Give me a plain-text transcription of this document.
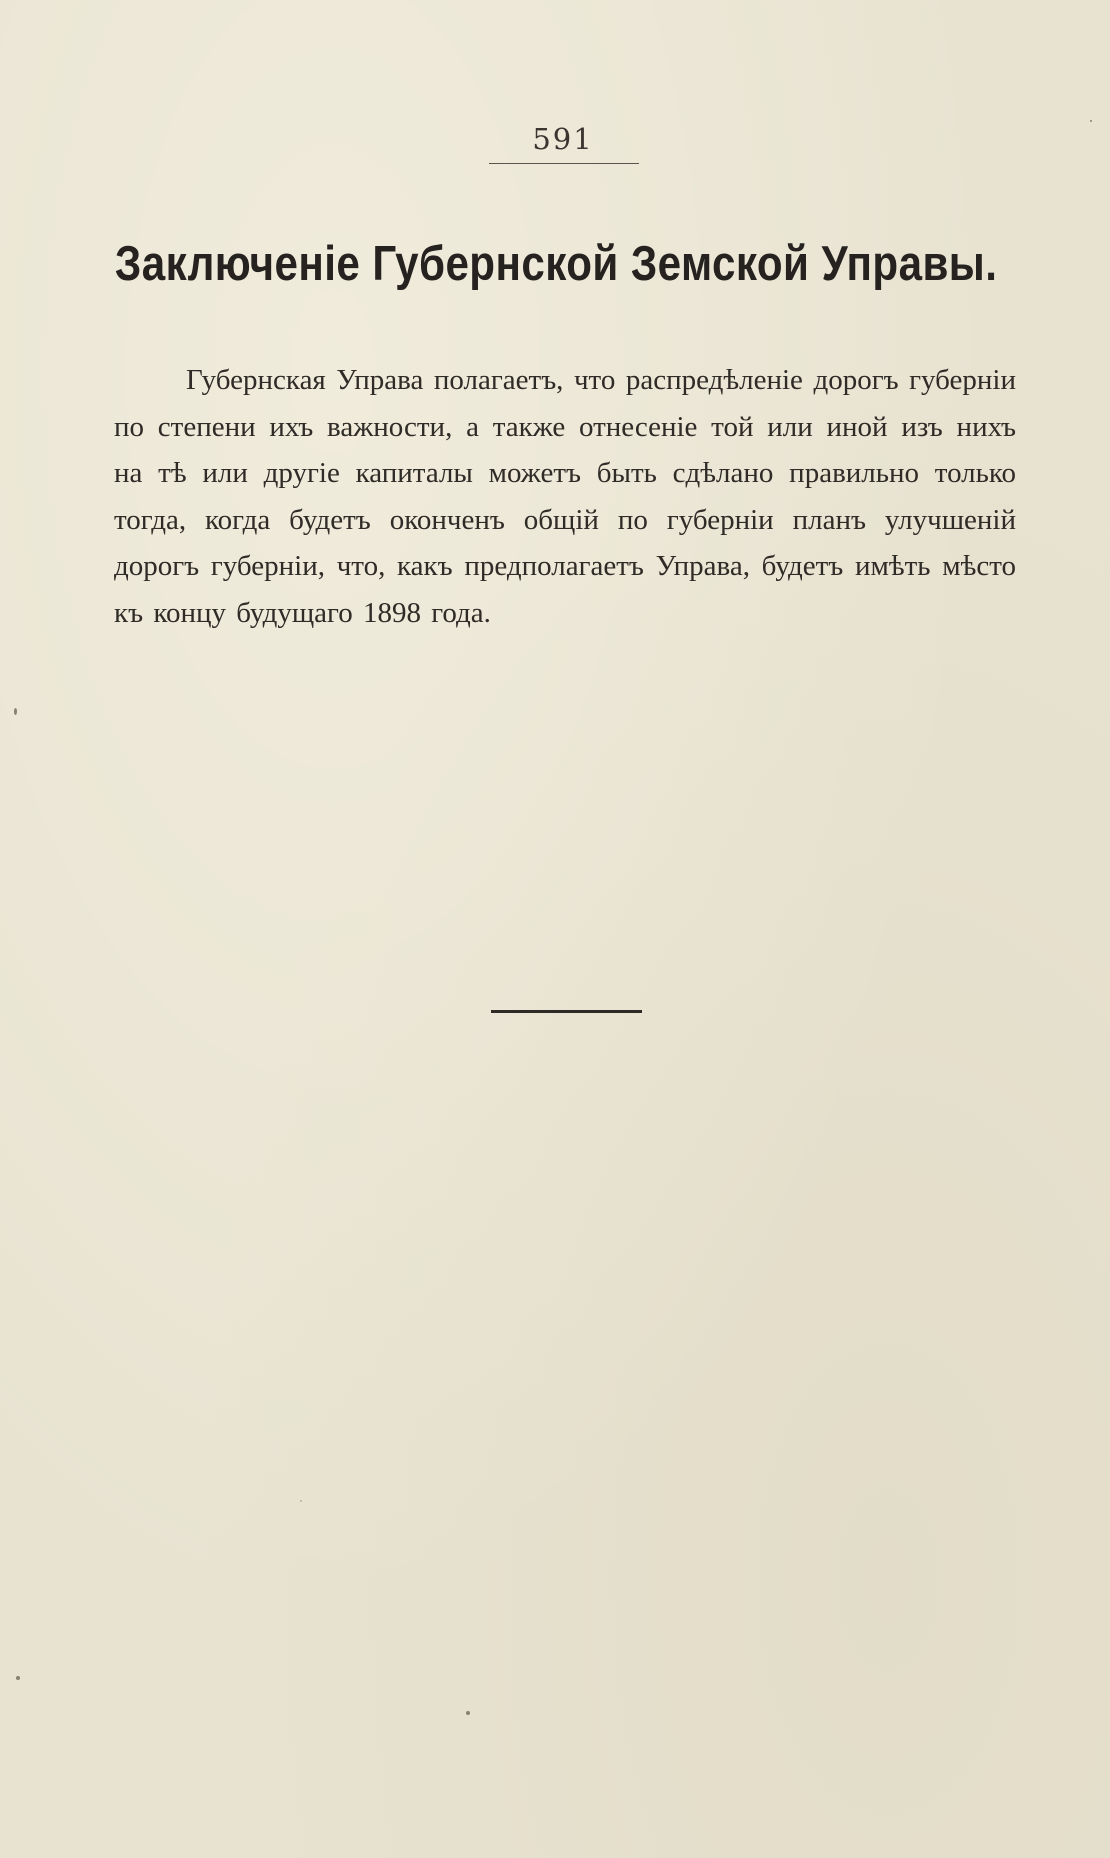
591
Заключеніе Губернской Земской Управы.

Губернская Управа полагаетъ, что распредѣленіе дорогъ губерніи по степени ихъ важности, а также отнесеніе той или иной изъ нихъ на тѣ или другіе капиталы можетъ быть сдѣлано правильно только тогда, когда будетъ оконченъ общій по губерніи планъ улучшеній дорогъ губерніи, что, какъ предполагаетъ Управа, будетъ имѣть мѣсто къ концу будущаго 1898 года.
